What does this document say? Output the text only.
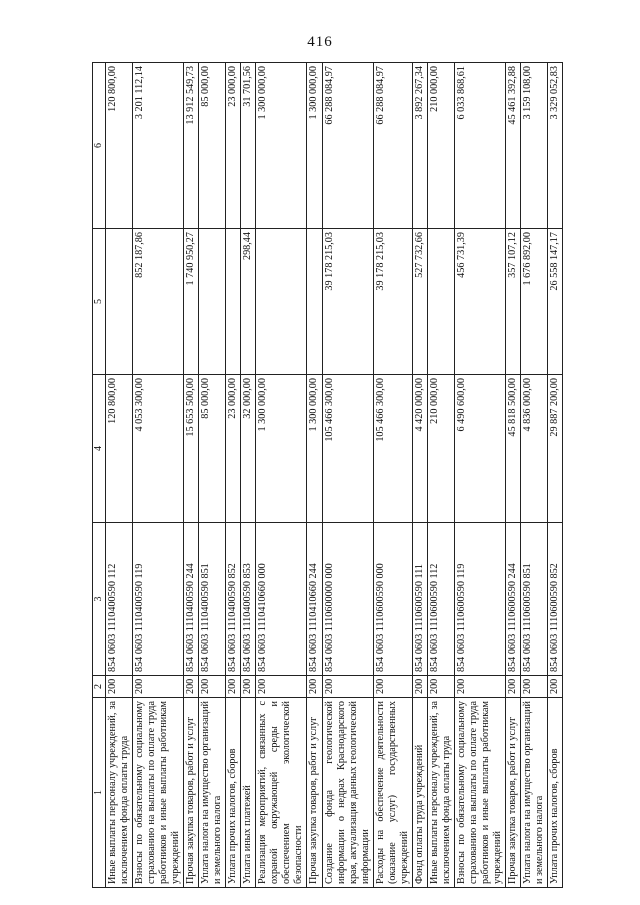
416
1	2	3	4	5	6
Иные выплаты персоналу учреждений, за исключением фонда оплаты труда	200	854 0603 1110400590 112	120 800,00		120 800,00
Взносы по обязательному социальному страхованию на выплаты по оплате труда работников и иные выплаты работникам учреждений	200	854 0603 1110400590 119	4 053 300,00	852 187,86	3 201 112,14
Прочая закупка товаров, работ и услуг	200	854 0603 1110400590 244	15 653 500,00	1 740 950,27	13 912 549,73
Уплата налога на имущество организаций и земельного налога	200	854 0603 1110400590 851	85 000,00		85 000,00
Уплата прочих налогов, сборов	200	854 0603 1110400590 852	23 000,00		23 000,00
Уплата иных платежей	200	854 0603 1110400590 853	32 000,00	298,44	31 701,56
Реализация мероприятий, связанных с охраной окружающей среды и обеспечением экологической безопасности	200	854 0603 1110410660 000	1 300 000,00		1 300 000,00
Прочая закупка товаров, работ и услуг	200	854 0603 1110410660 244	1 300 000,00		1 300 000,00
Создание фонда геологической информации о недрах Краснодарского края, актуализация данных геологической информации	200	854 0603 1110600000 000	105 466 300,00	39 178 215,03	66 288 084,97
Расходы на обеспечение деятельности (оказание услуг) государственных учреждений	200	854 0603 1110600590 000	105 466 300,00	39 178 215,03	66 288 084,97
Фонд оплаты труда учреждений	200	854 0603 1110600590 111	4 420 000,00	527 732,66	3 892 267,34
Иные выплаты персоналу учреждений, за исключением фонда оплаты труда	200	854 0603 1110600590 112	210 000,00		210 000,00
Взносы по обязательному социальному страхованию на выплаты по оплате труда работников и иные выплаты работникам учреждений	200	854 0603 1110600590 119	6 490 600,00	456 731,39	6 033 868,61
Прочая закупка товаров, работ и услуг	200	854 0603 1110600590 244	45 818 500,00	357 107,12	45 461 392,88
Уплата налога на имущество организаций и земельного налога	200	854 0603 1110600590 851	4 836 000,00	1 676 892,00	3 159 108,00
Уплата прочих налогов, сборов	200	854 0603 1110600590 852	29 887 200,00	26 558 147,17	3 329 052,83
